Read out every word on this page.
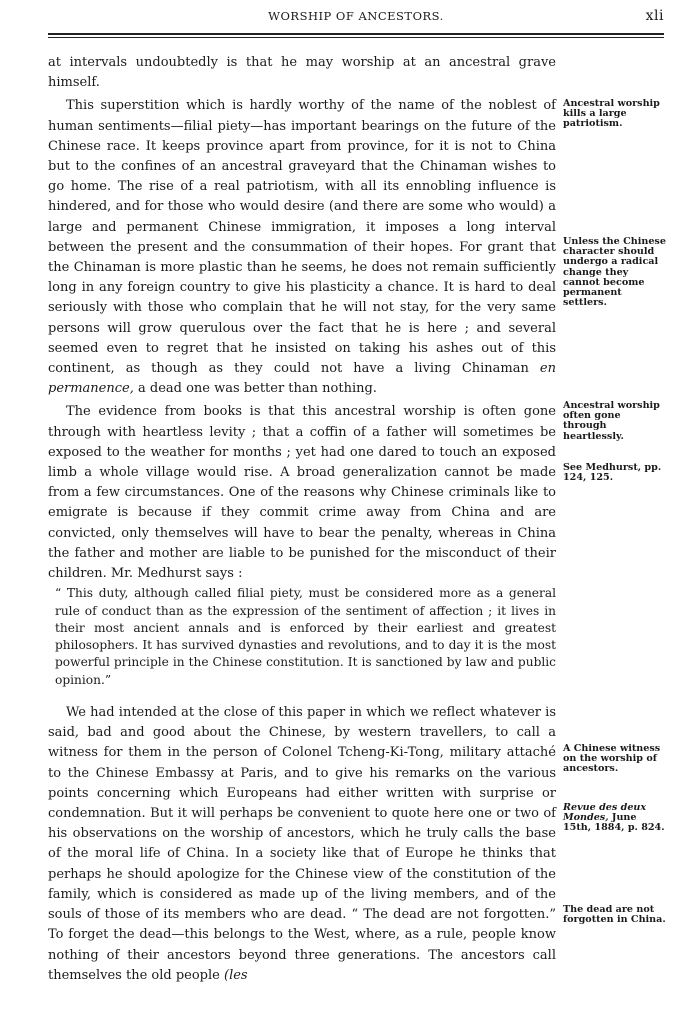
WORSHIP OF ANCESTORS.	xli

at intervals undoubtedly is that he may worship at an ancestral grave himself.

This superstition which is hardly worthy of the name of the noblest of human sentiments—filial piety—has important bearings on the future of the Chinese race. It keeps province apart from province, for it is not to China but to the confines of an ancestral graveyard that the Chinaman wishes to go home. The rise of a real patriotism, with all its ennobling influence is hindered, and for those who would desire (and there are some who would) a large and permanent Chinese immigration, it imposes a long interval between the present and the consummation of their hopes. For grant that the Chinaman is more plastic than he seems, he does not remain sufficiently long in any foreign country to give his plasticity a chance. It is hard to deal seriously with those who complain that he will not stay, for the very same persons will grow querulous over the fact that he is here ; and several seemed even to regret that he insisted on taking his ashes out of this continent, as though as they could not have a living Chinaman en permanence, a dead one was better than nothing.

The evidence from books is that this ancestral worship is often gone through with heartless levity ; that a coffin of a father will sometimes be exposed to the weather for months ; yet had one dared to touch an exposed limb a whole village would rise. A broad generalization cannot be made from a few circumstances. One of the reasons why Chinese criminals like to emigrate is because if they commit crime away from China and are convicted, only themselves will have to bear the penalty, whereas in China the father and mother are liable to be punished for the misconduct of their children. Mr. Medhurst says :

“ This duty, although called filial piety, must be considered more as a general rule of conduct than as the expression of the sentiment of affection ; it lives in their most ancient annals and is enforced by their earliest and greatest philosophers. It has survived dynasties and revolutions, and to day it is the most powerful principle in the Chinese constitution. It is sanctioned by law and public opinion.”

We had intended at the close of this paper in which we reflect whatever is said, bad and good about the Chinese, by western travellers, to call a witness for them in the person of Colonel Tcheng-Ki-Tong, military attaché to the Chinese Embassy at Paris, and to give his remarks on the various points concerning which Europeans had either written with surprise or condemnation. But it will perhaps be convenient to quote here one or two of his observations on the worship of ancestors, which he truly calls the base of the moral life of China. In a society like that of Europe he thinks that perhaps he should apologize for the Chinese view of the constitution of the family, which is considered as made up of the living members, and of the souls of those of its members who are dead. “ The dead are not forgotten.” To forget the dead—this belongs to the West, where, as a rule, people know nothing of their ancestors beyond three generations. The ancestors call themselves the old people (les

Ancestral worship kills a large patriotism.
Unless the Chinese character should undergo a radical change they cannot become permanent settlers.
Ancestral worship often gone through heartlessly.
See Medhurst, pp. 124, 125.
A Chinese witness on the worship of ancestors.
Revue des deux Mondes, June 15th, 1884, p. 824.
The dead are not forgotten in China.
